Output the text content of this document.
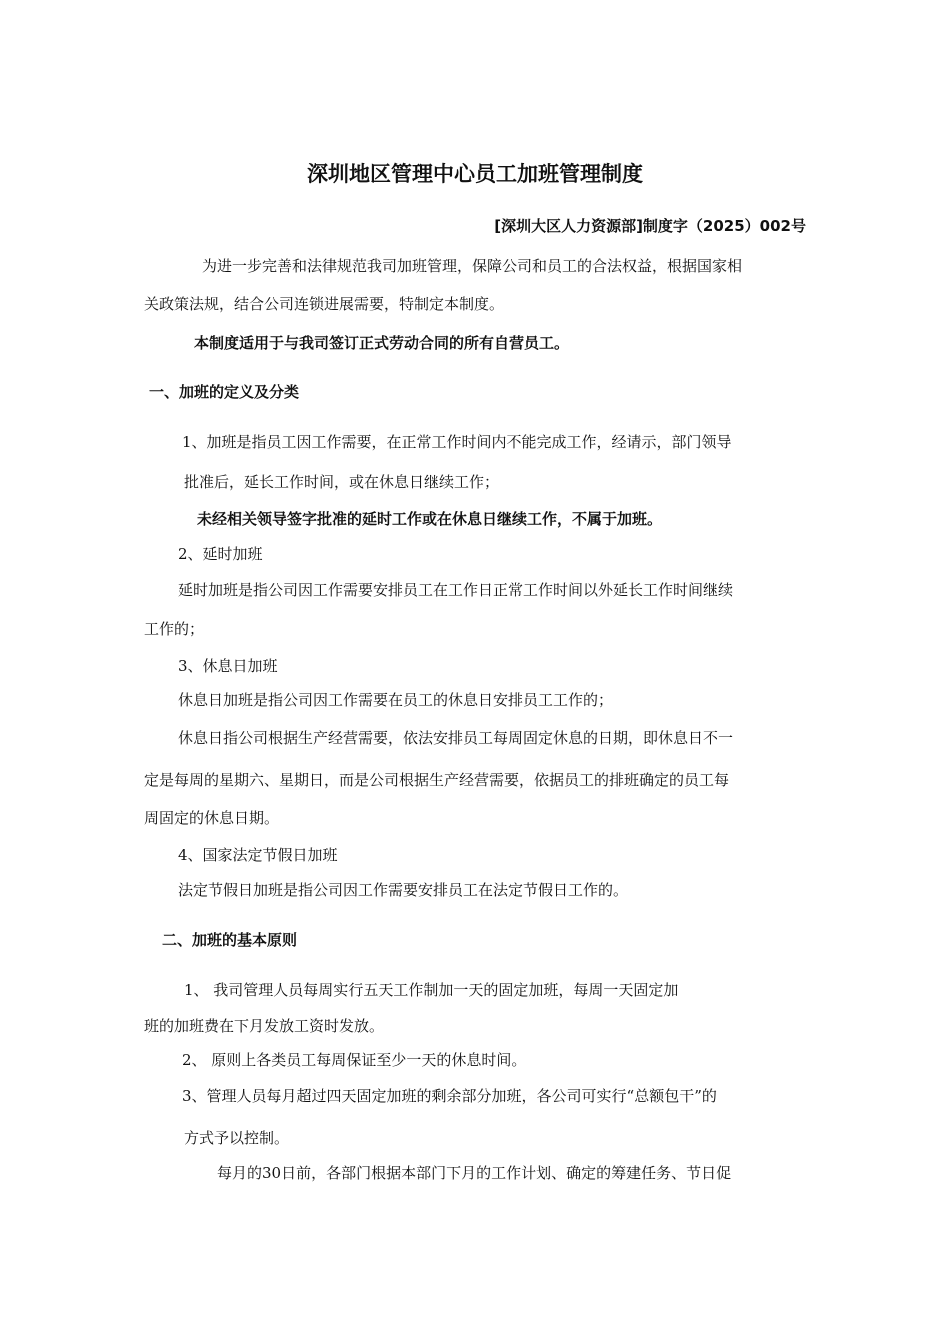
深圳地区管理中心员工加班管理制度

[深圳大区人力资源部]制度字（2025）002号

为进一步完善和法律规范我司加班管理，保障公司和员工的合法权益，根据国家相

关政策法规，结合公司连锁进展需要，特制定本制度。

本制度适用于与我司签订正式劳动合同的所有自营员工。

一、加班的定义及分类

1、加班是指员工因工作需要，在正常工作时间内不能完成工作，经请示，部门领导

批准后，延长工作时间，或在休息日继续工作；

未经相关领导签字批准的延时工作或在休息日继续工作，不属于加班。

2、延时加班

延时加班是指公司因工作需要安排员工在工作日正常工作时间以外延长工作时间继续

工作的；

3、休息日加班

休息日加班是指公司因工作需要在员工的休息日安排员工工作的；

休息日指公司根据生产经营需要，依法安排员工每周固定休息的日期，即休息日不一

定是每周的星期六、星期日，而是公司根据生产经营需要，依据员工的排班确定的员工每

周固定的休息日期。

4、国家法定节假日加班

法定节假日加班是指公司因工作需要安排员工在法定节假日工作的。

二、加班的基本原则

1、 我司管理人员每周实行五天工作制加一天的固定加班，每周一天固定加

班的加班费在下月发放工资时发放。

2、 原则上各类员工每周保证至少一天的休息时间。

3、管理人员每月超过四天固定加班的剩余部分加班，各公司可实行“总额包干”的

方式予以控制。

每月的30日前，各部门根据本部门下月的工作计划、确定的筹建任务、节日促
